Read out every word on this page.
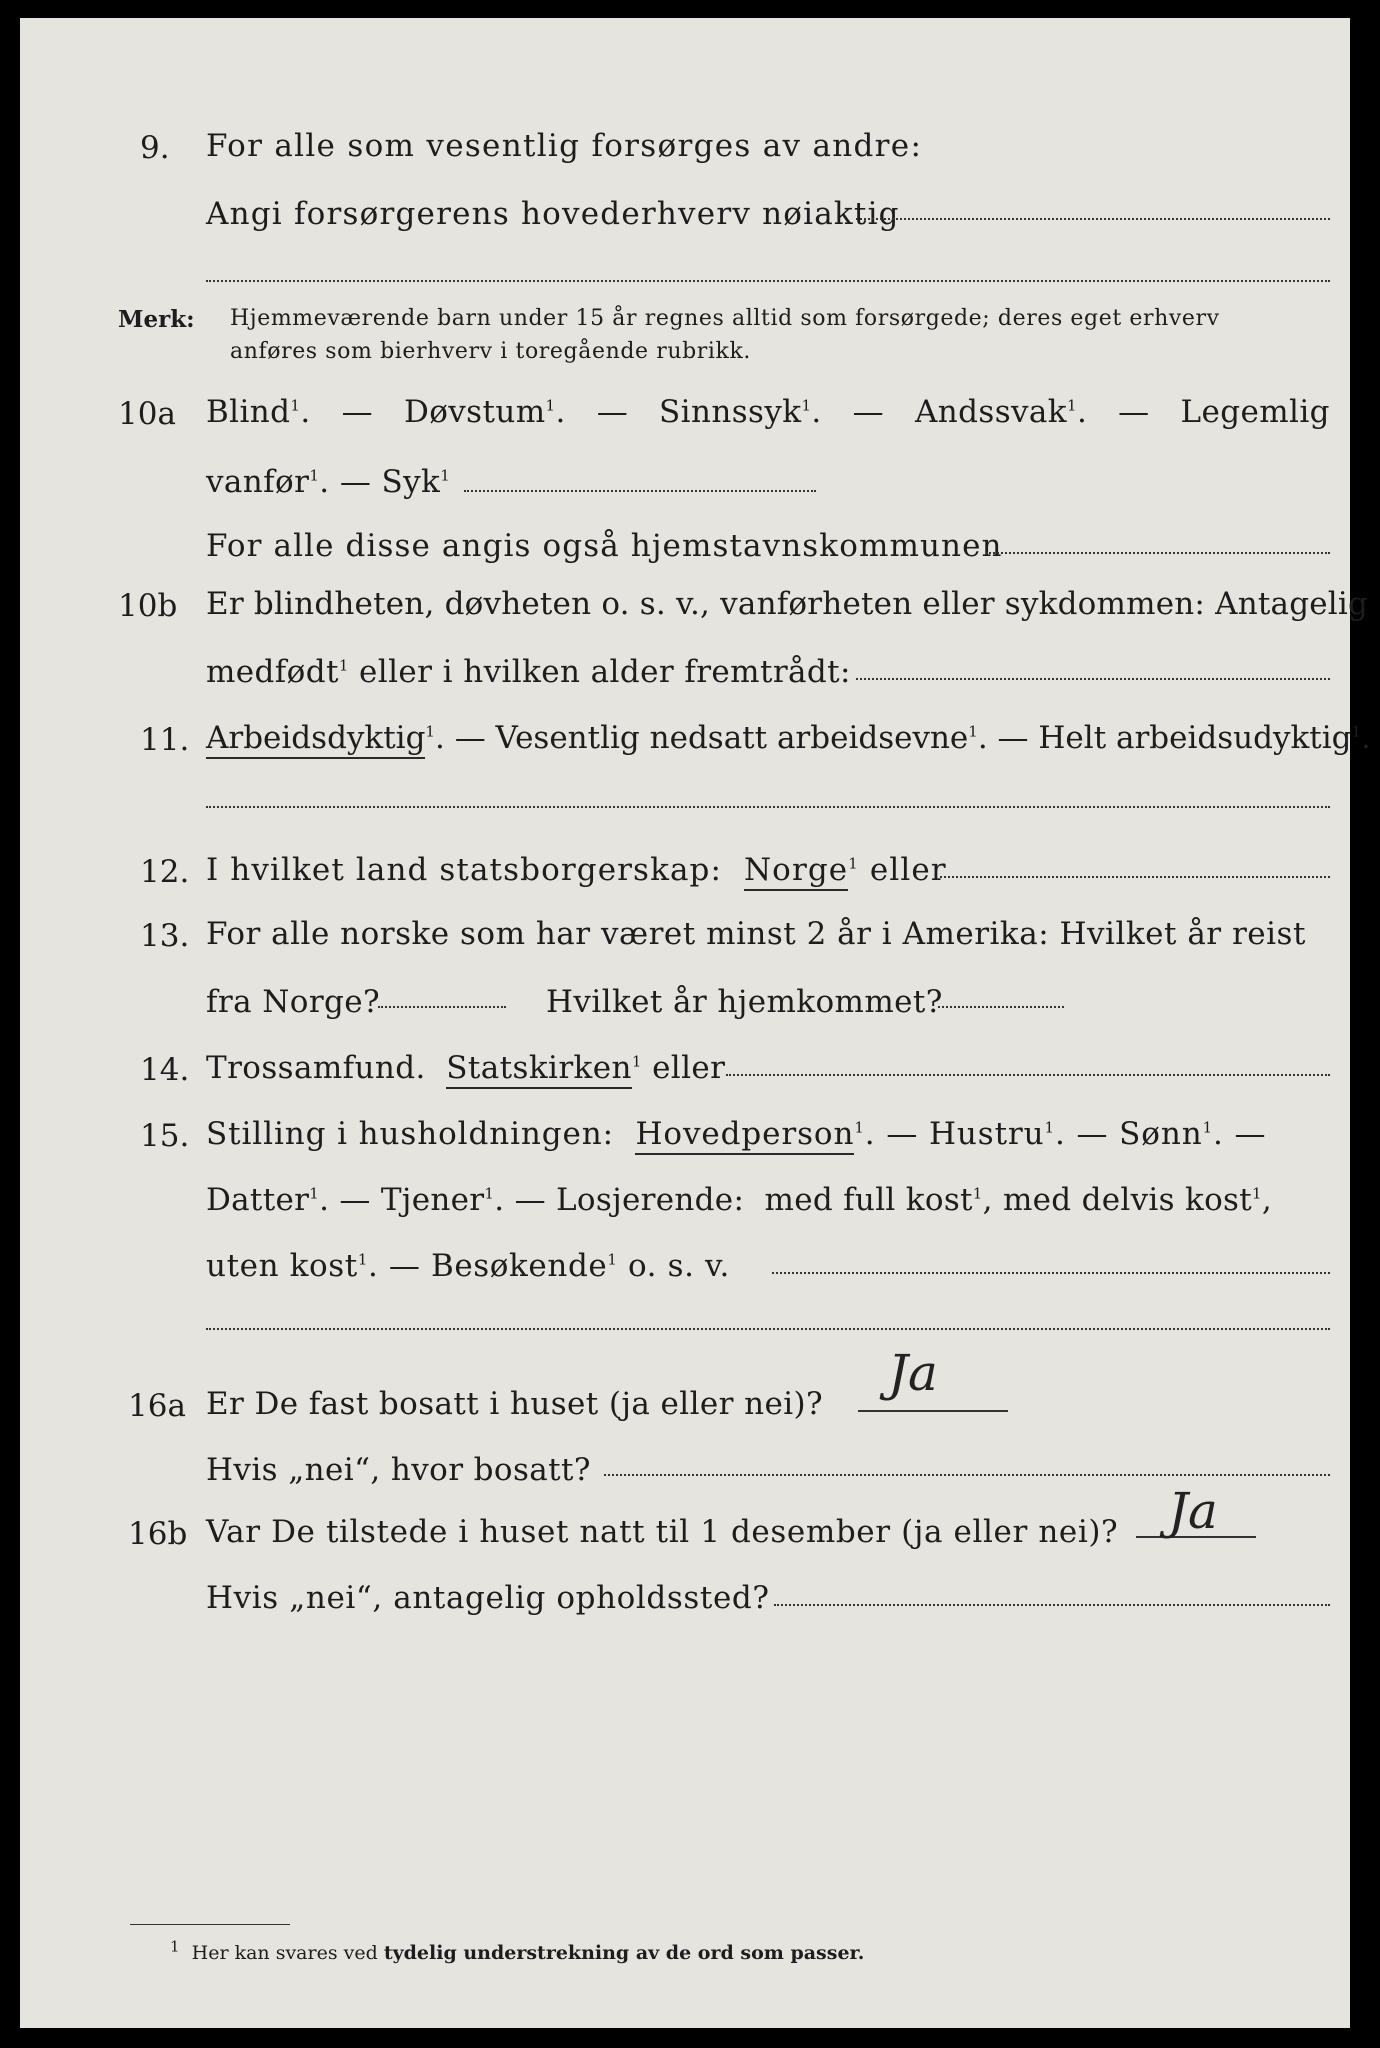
9. For alle som vesentlig forsørges av andre:
Angi forsørgerens hovederhverv nøiaktig
Merk: Hjemmeværende barn under 15 år regnes alltid som forsørgede; deres eget erhverv
anføres som bierhverv i toregående rubrikk.
10a Blind$^1$. — Døvstum$^1$. — Sinnssyk$^1$. — Andssvak$^1$. — Legemlig
vanfør$^1$. — Syk$^1$
For alle disse angis også hjemstavnskommunen
10b Er blindheten, døvheten o. s. v., vanførheten eller sykdommen: Antagelig
medfødt$^1$ eller i hvilken alder fremtrådt:
11. Arbeidsdyktig$^1$. — Vesentlig nedsatt arbeidsevne$^1$. — Helt arbeidsudyktig$^1$.
12. I hvilket land statsborgerskap: Norge$^1$ eller
13. For alle norske som har været minst 2 år i Amerika: Hvilket år reist
fra Norge?	Hvilket år hjemkommet?
14. Trossamfund. Statskirken$^1$ eller
15. Stilling i husholdningen: Hovedperson$^1$. — Hustru$^1$. — Sønn$^1$. —
Datter$^1$. — Tjener$^1$. — Losjerende: med full kost$^1$, med delvis kost$^1$,
uten kost$^1$. — Besøkende$^1$ o. s. v.
16a Er De fast bosatt i huset (ja eller nei)?
Ja
Hvis „nei“, hvor bosatt?
16b Var De tilstede i huset natt til 1 desember (ja eller nei)? Ja
Hvis „nei“, antagelig opholdssted?
$^1$ Her kan svares ved tydelig understrekning av de ord som passer.
